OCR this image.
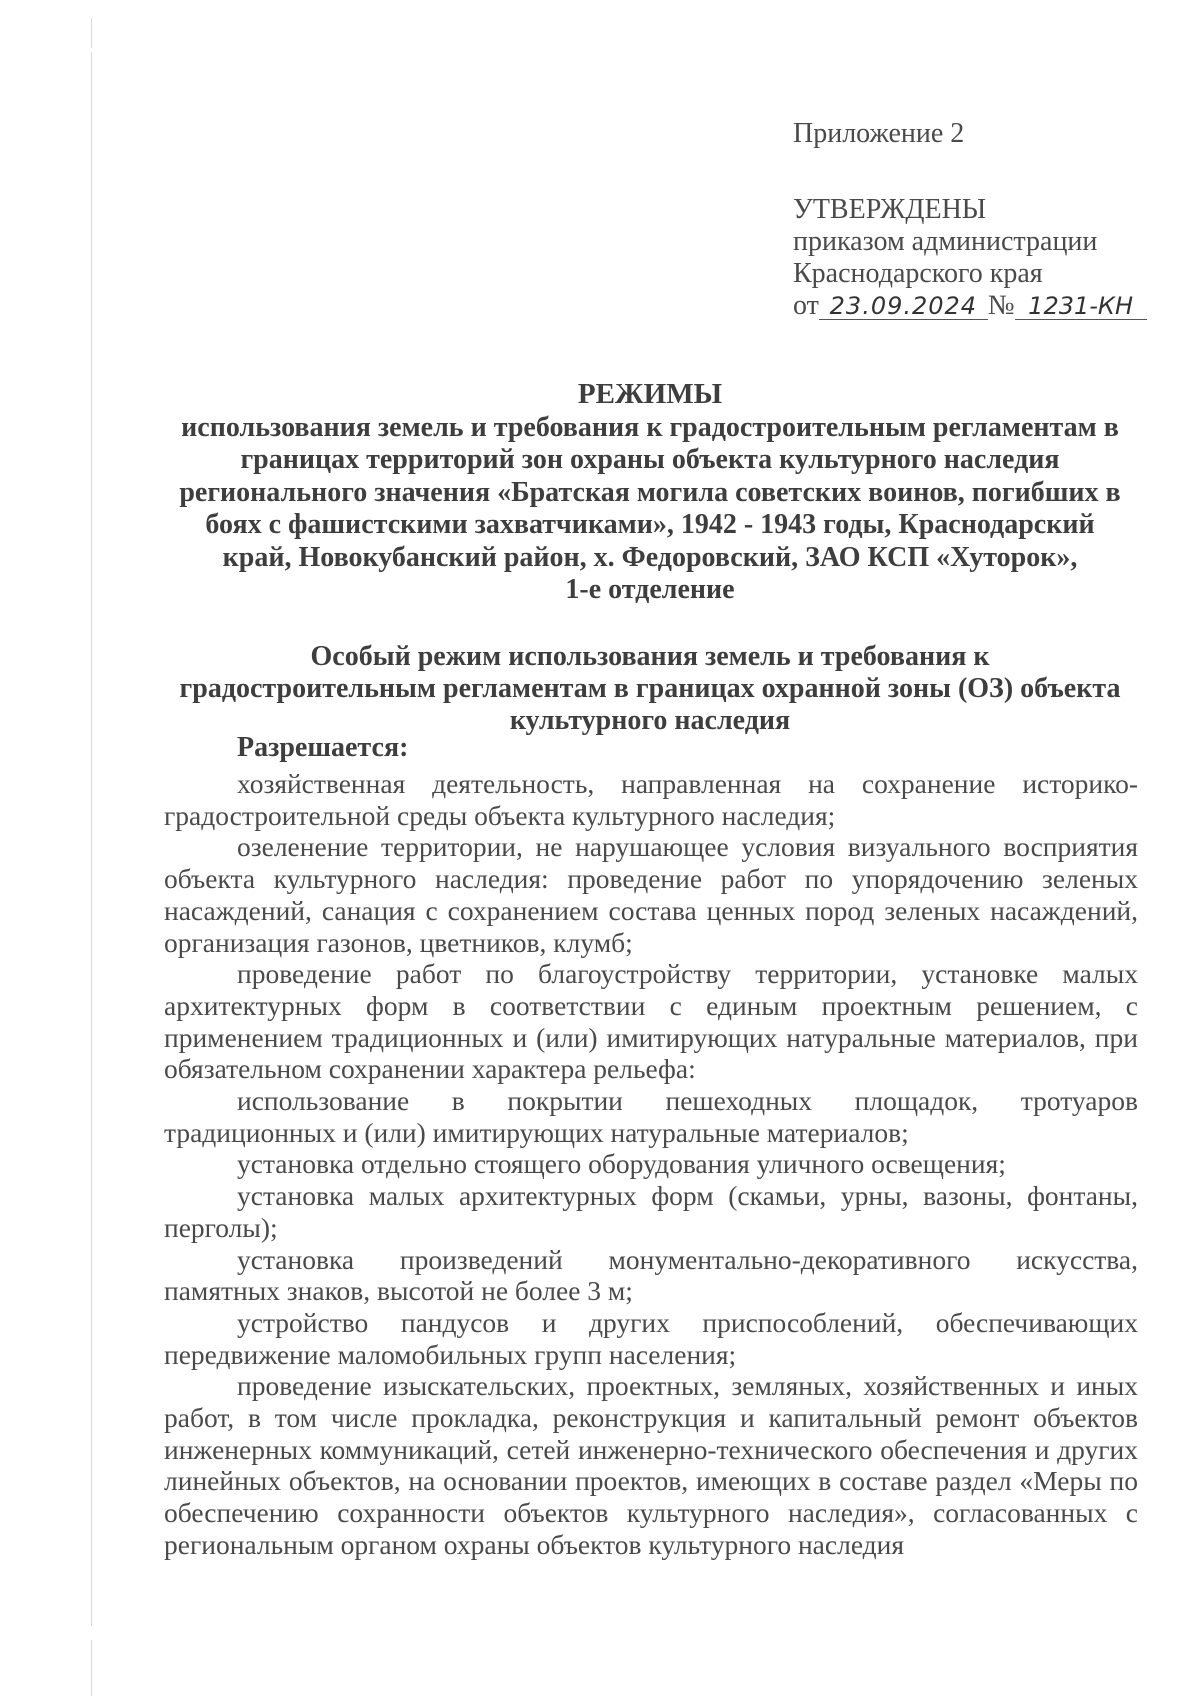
Приложение 2
УТВЕРЖДЕНЫ
приказом администрации
Краснодарского края
от 23.09.2024 № 1231-КН
РЕЖИМЫ
использования земель и требования к градостроительным регламентам в
границах территорий зон охраны объекта культурного наследия
регионального значения «Братская могила советских воинов, погибших в
боях с фашистскими захватчиками», 1942 - 1943 годы, Краснодарский
край, Новокубанский район, х. Федоровский, ЗАО КСП «Хуторок»,
1-е отделение
Особый режим использования земель и требования к
градостроительным регламентам в границах охранной зоны (ОЗ) объекта
культурного наследия
Разрешается:

хозяйственная деятельность, направленная на сохранение историко-градостроительной среды объекта культурного наследия;

озеленение территории, не нарушающее условия визуального восприятия объекта культурного наследия: проведение работ по упорядочению зеленых насаждений, санация с сохранением состава ценных пород зеленых насаждений, организация газонов, цветников, клумб;

проведение работ по благоустройству территории, установке малых архитектурных форм в соответствии с единым проектным решением, с применением традиционных и (или) имитирующих натуральные материалов, при обязательном сохранении характера рельефа:

использование в покрытии пешеходных площадок, тротуаров традиционных и (или) имитирующих натуральные материалов;

установка отдельно стоящего оборудования уличного освещения;

установка малых архитектурных форм (скамьи, урны, вазоны, фонтаны, перголы);

установка произведений монументально-декоративного искусства, памятных знаков, высотой не более 3 м;

устройство пандусов и других приспособлений, обеспечивающих передвижение маломобильных групп населения;

проведение изыскательских, проектных, земляных, хозяйственных и иных работ, в том числе прокладка, реконструкция и капитальный ремонт объектов инженерных коммуникаций, сетей инженерно-технического обеспечения и других линейных объектов, на основании проектов, имеющих в составе раздел «Меры по обеспечению сохранности объектов культурного наследия», согласованных с региональным органом охраны объектов культурного наследия
